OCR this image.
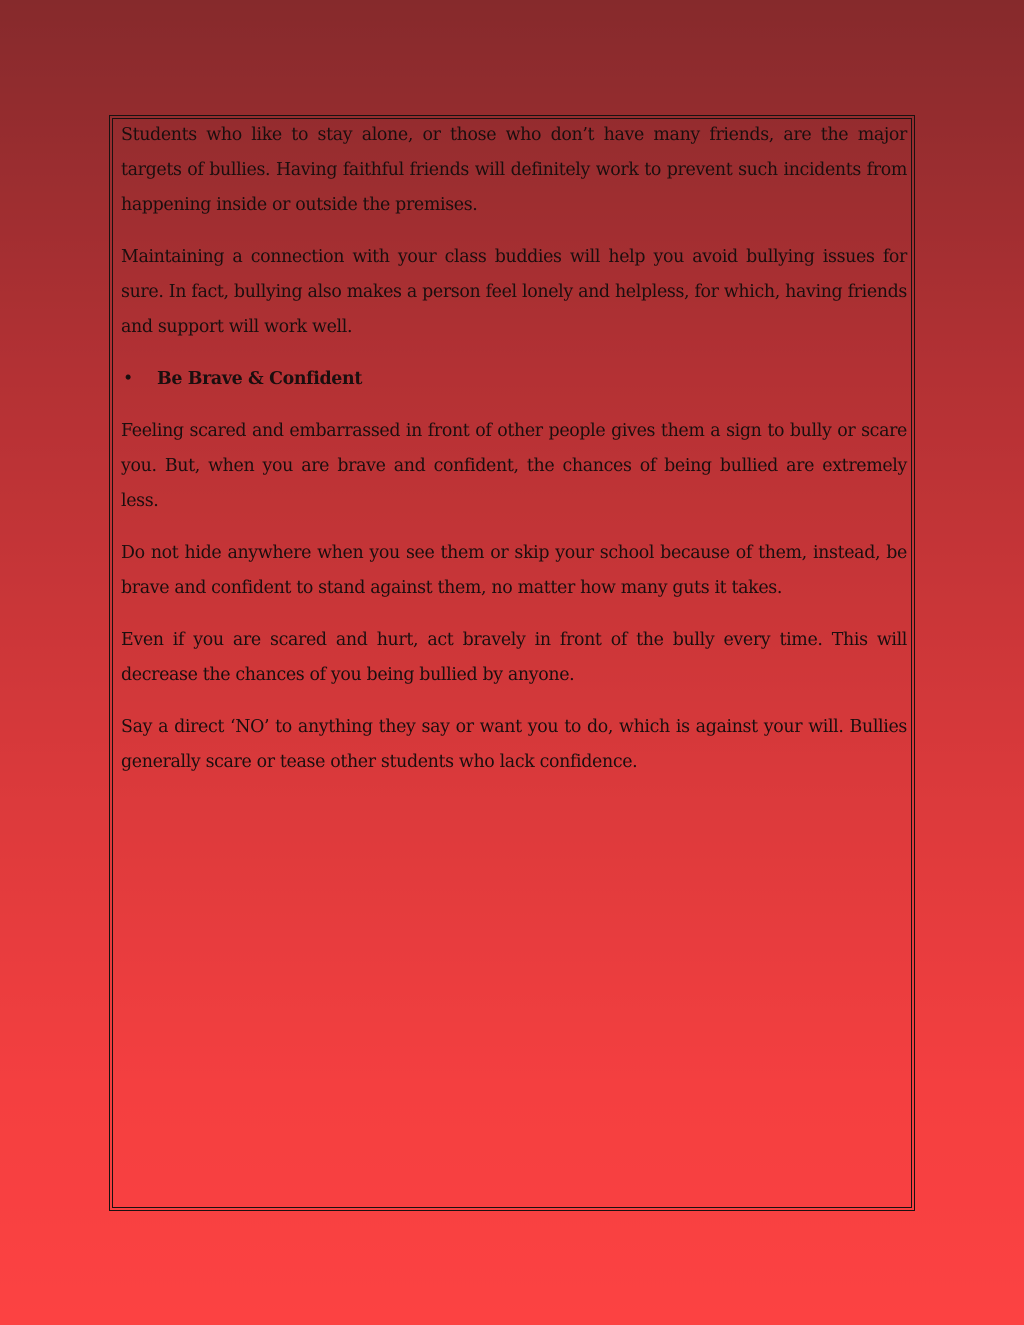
Students who like to stay alone, or those who don’t have many friends, are the major targets of bullies. Having faithful friends will definitely work to prevent such incidents from happening inside or outside the premises.

Maintaining a connection with your class buddies will help you avoid bullying issues for sure. In fact, bullying also makes a person feel lonely and helpless, for which, having friends and support will work well.

•	Be Brave & Confident

Feeling scared and embarrassed in front of other people gives them a sign to bully or scare you. But, when you are brave and confident, the chances of being bullied are extremely less.

Do not hide anywhere when you see them or skip your school because of them, instead, be brave and confident to stand against them, no matter how many guts it takes.

Even if you are scared and hurt, act bravely in front of the bully every time. This will decrease the chances of you being bullied by anyone.

Say a direct ‘NO’ to anything they say or want you to do, which is against your will. Bullies generally scare or tease other students who lack confidence.
